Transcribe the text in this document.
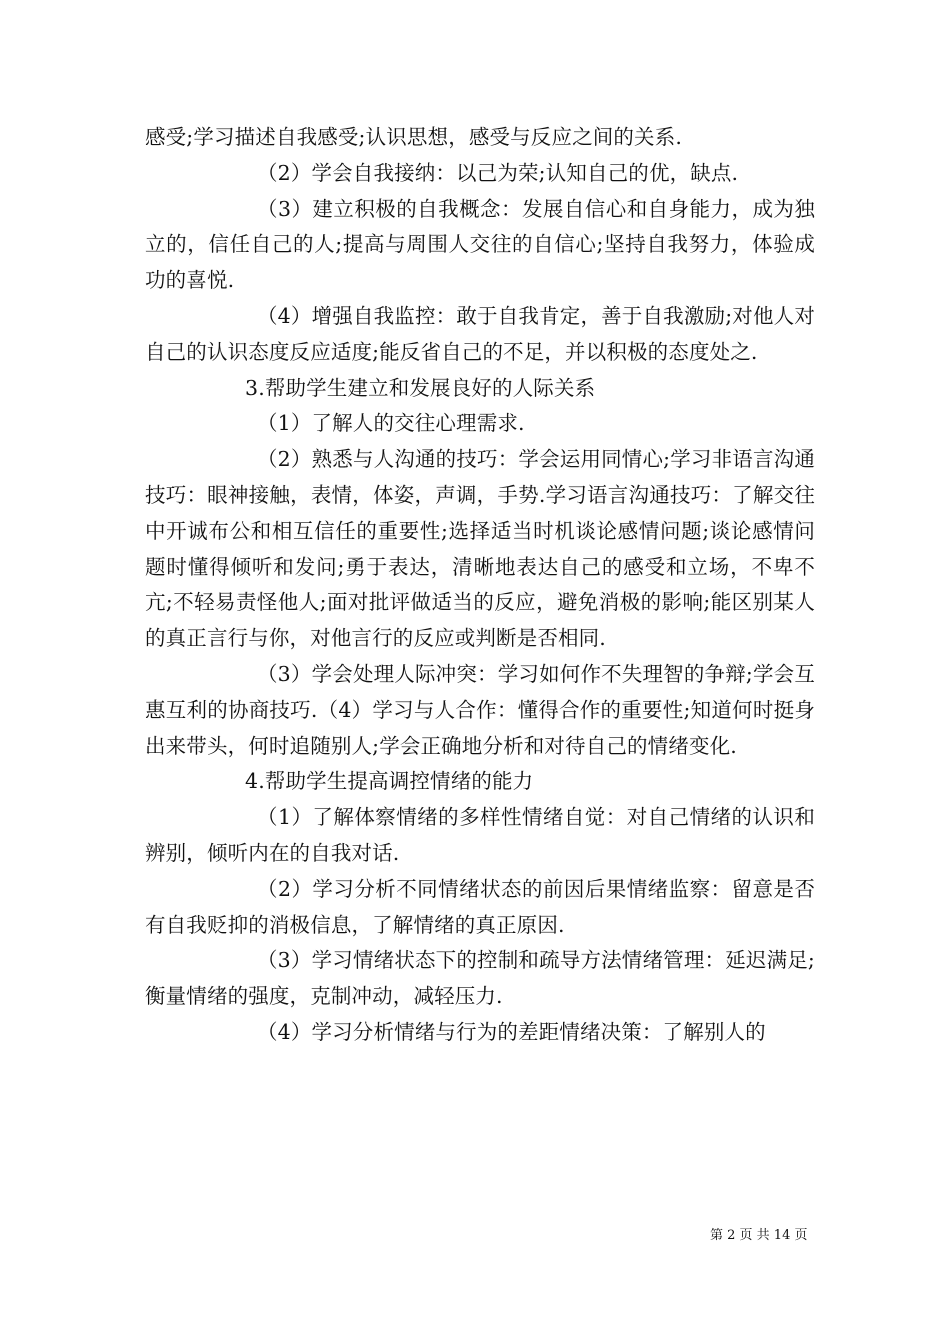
感受;学习描述自我感受;认识思想，感受与反应之间的关系.

（2）学会自我接纳：以己为荣;认知自己的优，缺点.

（3）建立积极的自我概念：发展自信心和自身能力，成为独立的，信任自己的人;提高与周围人交往的自信心;坚持自我努力，体验成功的喜悦.

（4）增强自我监控：敢于自我肯定，善于自我激励;对他人对自己的认识态度反应适度;能反省自己的不足，并以积极的态度处之.

3.帮助学生建立和发展良好的人际关系

（1）了解人的交往心理需求.

（2）熟悉与人沟通的技巧：学会运用同情心;学习非语言沟通技巧：眼神接触，表情，体姿，声调，手势.学习语言沟通技巧：了解交往中开诚布公和相互信任的重要性;选择适当时机谈论感情问题;谈论感情问题时懂得倾听和发问;勇于表达，清晰地表达自己的感受和立场，不卑不亢;不轻易责怪他人;面对批评做适当的反应，避免消极的影响;能区别某人的真正言行与你，对他言行的反应或判断是否相同.

（3）学会处理人际冲突：学习如何作不失理智的争辩;学会互惠互利的协商技巧.（4）学习与人合作：懂得合作的重要性;知道何时挺身出来带头，何时追随别人;学会正确地分析和对待自己的情绪变化.

4.帮助学生提高调控情绪的能力

（1）了解体察情绪的多样性情绪自觉：对自己情绪的认识和辨别，倾听内在的自我对话.

（2）学习分析不同情绪状态的前因后果情绪监察：留意是否有自我贬抑的消极信息，了解情绪的真正原因.

（3）学习情绪状态下的控制和疏导方法情绪管理：延迟满足;衡量情绪的强度，克制冲动，减轻压力.

（4）学习分析情绪与行为的差距情绪决策：了解别人的

第 2 页 共 14 页
